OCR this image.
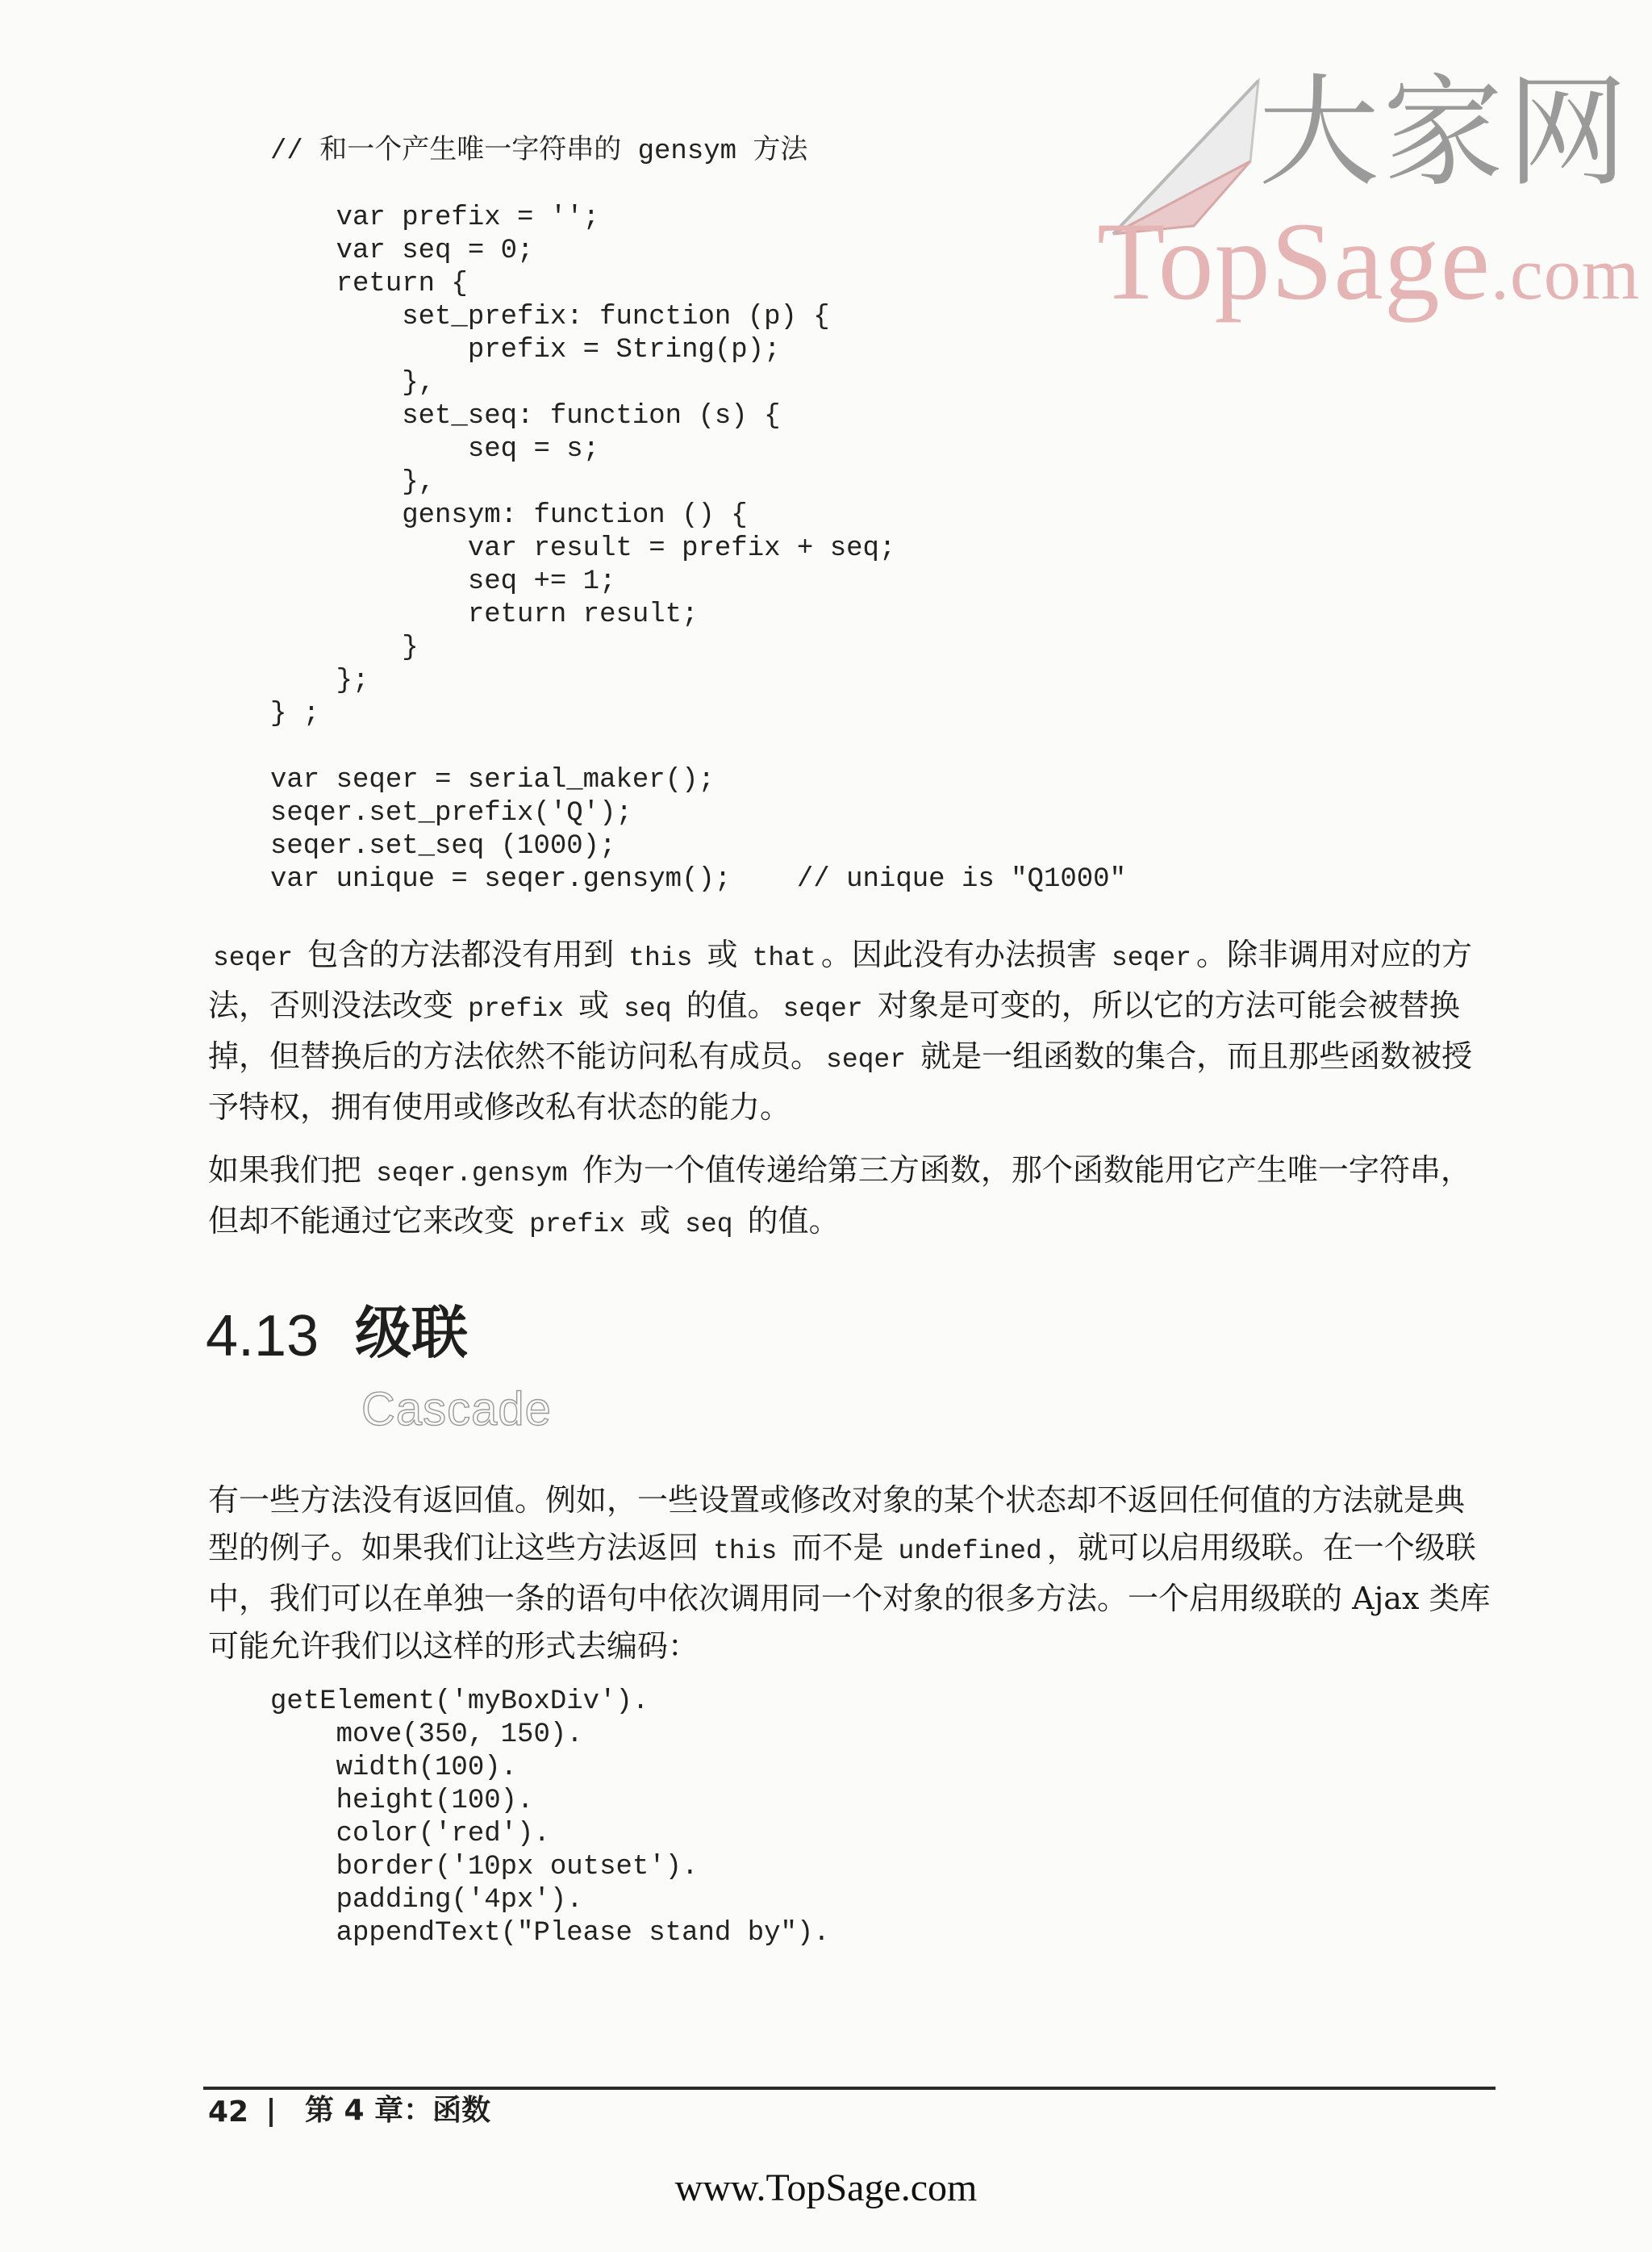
大家网
TopSage.com
// 和一个产生唯一字符串的 gensym 方法

var prefix = '';
var seq = 0;
return {
set_prefix: function (p) {
prefix = String(p);
},
set_seq: function (s) {
seq = s;
},
gensym: function () {
var result = prefix + seq;
seq += 1;
return result;
}
};
} ;

var seqer = serial_maker();
seqer.set_prefix('Q');
seqer.set_seq (1000);
var unique = seqer.gensym();    // unique is "Q1000"

seqer 包含的方法都没有用到 this 或 that 。因此没有办法损害 seqer 。除非调用对应的方法，否则没法改变 prefix 或 seq 的值。 seqer 对象是可变的，所以它的方法可能会被替换掉，但替换后的方法依然不能访问私有成员。 seqer 就是一组函数的集合，而且那些函数被授予特权，拥有使用或修改私有状态的能力。

如果我们把 seqer.gensym 作为一个值传递给第三方函数，那个函数能用它产生唯一字符串，但却不能通过它来改变 prefix 或 seq 的值。

4.13 级联
Cascade

有一些方法没有返回值。例如，一些设置或修改对象的某个状态却不返回任何值的方法就是典型的例子。如果我们让这些方法返回 this 而不是 undefined ，就可以启用级联。在一个级联中，我们可以在单独一条的语句中依次调用同一个对象的很多方法。一个启用级联的 Ajax 类库可能允许我们以这样的形式去编码：

getElement('myBoxDiv').
move(350, 150).
width(100).
height(100).
color('red').
border('10px outset').
padding('4px').
appendText("Please stand by").

42 第 4 章：函数
www.TopSage.com
